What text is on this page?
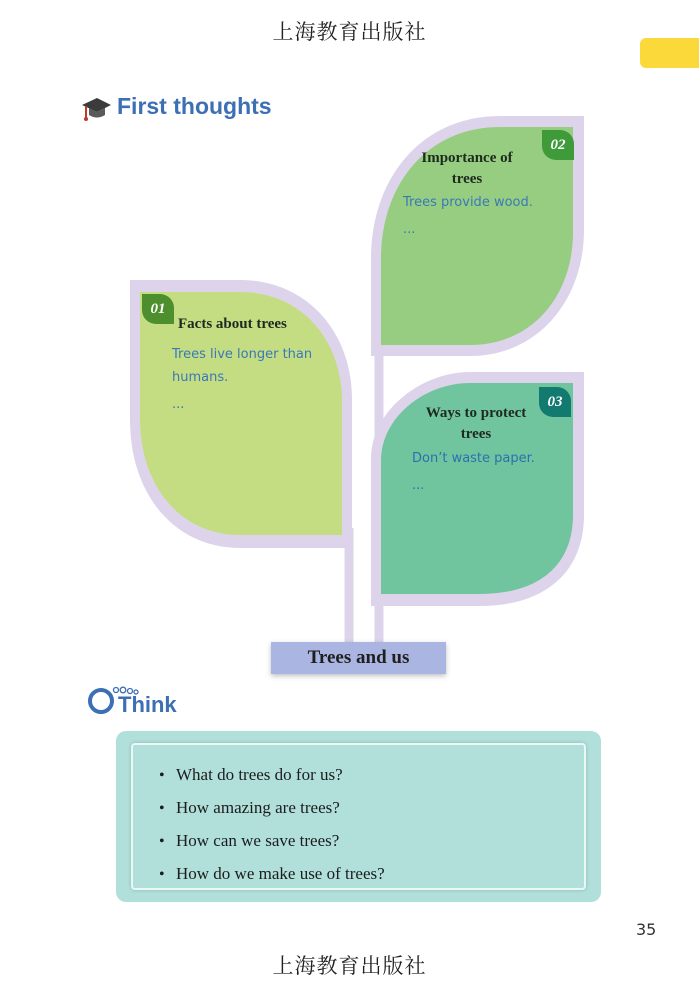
上海教育出版社
First thoughts
01
02
03
Facts about trees
Trees live longer than
humans.
...
Importance of
trees
Trees provide wood.
...
Ways to protect
trees
Don’t waste paper.
...
Trees and us
Think
• What do trees do for us?
• How amazing are trees?
• How can we save trees?
• How do we make use of trees?
35
上海教育出版社
